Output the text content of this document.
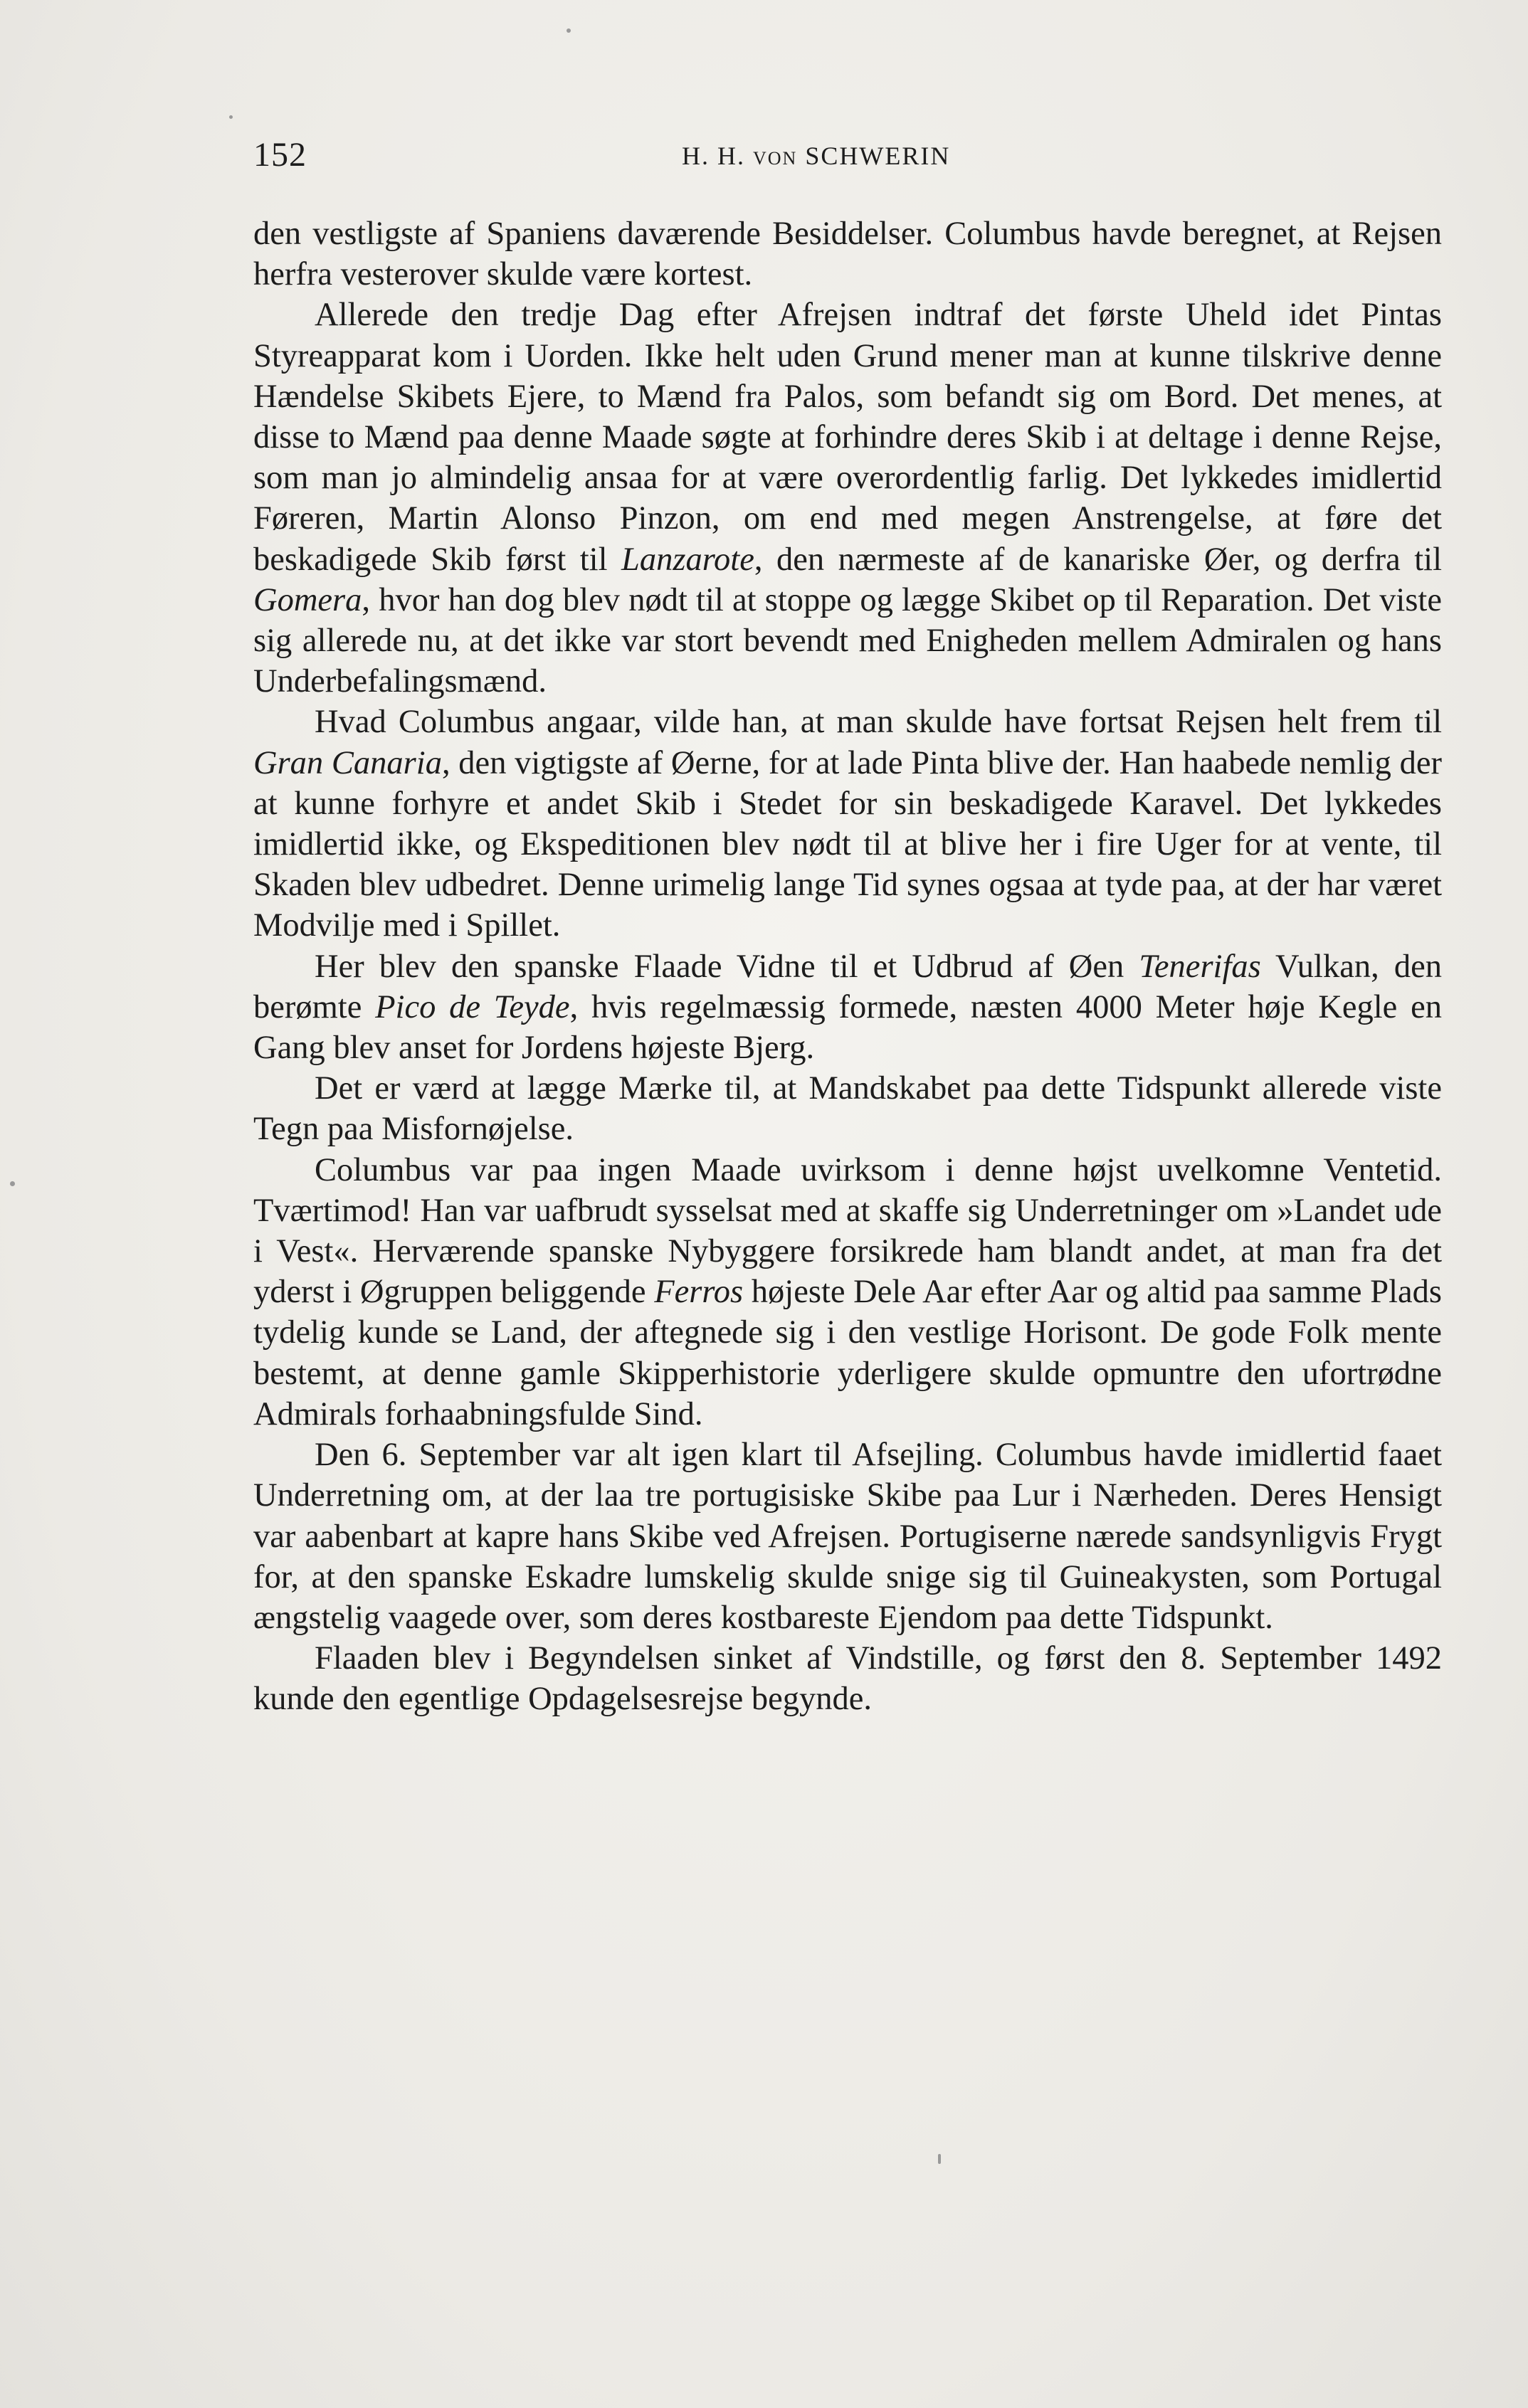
152	H. H. VON SCHWERIN

den vestligste af Spaniens daværende Besiddelser. Columbus havde beregnet, at Rejsen herfra vesterover skulde være kortest.

Allerede den tredje Dag efter Afrejsen indtraf det første Uheld idet Pintas Styreapparat kom i Uorden. Ikke helt uden Grund mener man at kunne tilskrive denne Hændelse Skibets Ejere, to Mænd fra Palos, som befandt sig om Bord. Det menes, at disse to Mænd paa denne Maade søgte at forhindre deres Skib i at deltage i denne Rejse, som man jo almindelig ansaa for at være overordentlig farlig. Det lykkedes imidlertid Føreren, Martin Alonso Pinzon, om end med megen Anstrengelse, at føre det beskadigede Skib først til Lanzarote, den nærmeste af de kanariske Øer, og derfra til Gomera, hvor han dog blev nødt til at stoppe og lægge Skibet op til Reparation. Det viste sig allerede nu, at det ikke var stort bevendt med Enigheden mellem Admiralen og hans Underbefalingsmænd.

Hvad Columbus angaar, vilde han, at man skulde have fortsat Rejsen helt frem til Gran Canaria, den vigtigste af Øerne, for at lade Pinta blive der. Han haabede nemlig der at kunne forhyre et andet Skib i Stedet for sin beskadigede Karavel. Det lykkedes imidlertid ikke, og Ekspeditionen blev nødt til at blive her i fire Uger for at vente, til Skaden blev udbedret. Denne urimelig lange Tid synes ogsaa at tyde paa, at der har været Modvilje med i Spillet.

Her blev den spanske Flaade Vidne til et Udbrud af Øen Tenerifas Vulkan, den berømte Pico de Teyde, hvis regelmæssig formede, næsten 4000 Meter høje Kegle en Gang blev anset for Jordens højeste Bjerg.

Det er værd at lægge Mærke til, at Mandskabet paa dette Tidspunkt allerede viste Tegn paa Misfornøjelse.

Columbus var paa ingen Maade uvirksom i denne højst uvelkomne Ventetid. Tværtimod! Han var uafbrudt sysselsat med at skaffe sig Underretninger om »Landet ude i Vest«. Herværende spanske Nybyggere forsikrede ham blandt andet, at man fra det yderst i Øgruppen beliggende Ferros højeste Dele Aar efter Aar og altid paa samme Plads tydelig kunde se Land, der aftegnede sig i den vestlige Horisont. De gode Folk mente bestemt, at denne gamle Skipperhistorie yderligere skulde opmuntre den ufortrødne Admirals forhaabningsfulde Sind.

Den 6. September var alt igen klart til Afsejling. Columbus havde imidlertid faaet Underretning om, at der laa tre portugisiske Skibe paa Lur i Nærheden. Deres Hensigt var aabenbart at kapre hans Skibe ved Afrejsen. Portugiserne nærede sandsynligvis Frygt for, at den spanske Eskadre lumskelig skulde snige sig til Guineakysten, som Portugal ængstelig vaagede over, som deres kostbareste Ejendom paa dette Tidspunkt.

Flaaden blev i Begyndelsen sinket af Vindstille, og først den 8. September 1492 kunde den egentlige Opdagelsesrejse begynde.
